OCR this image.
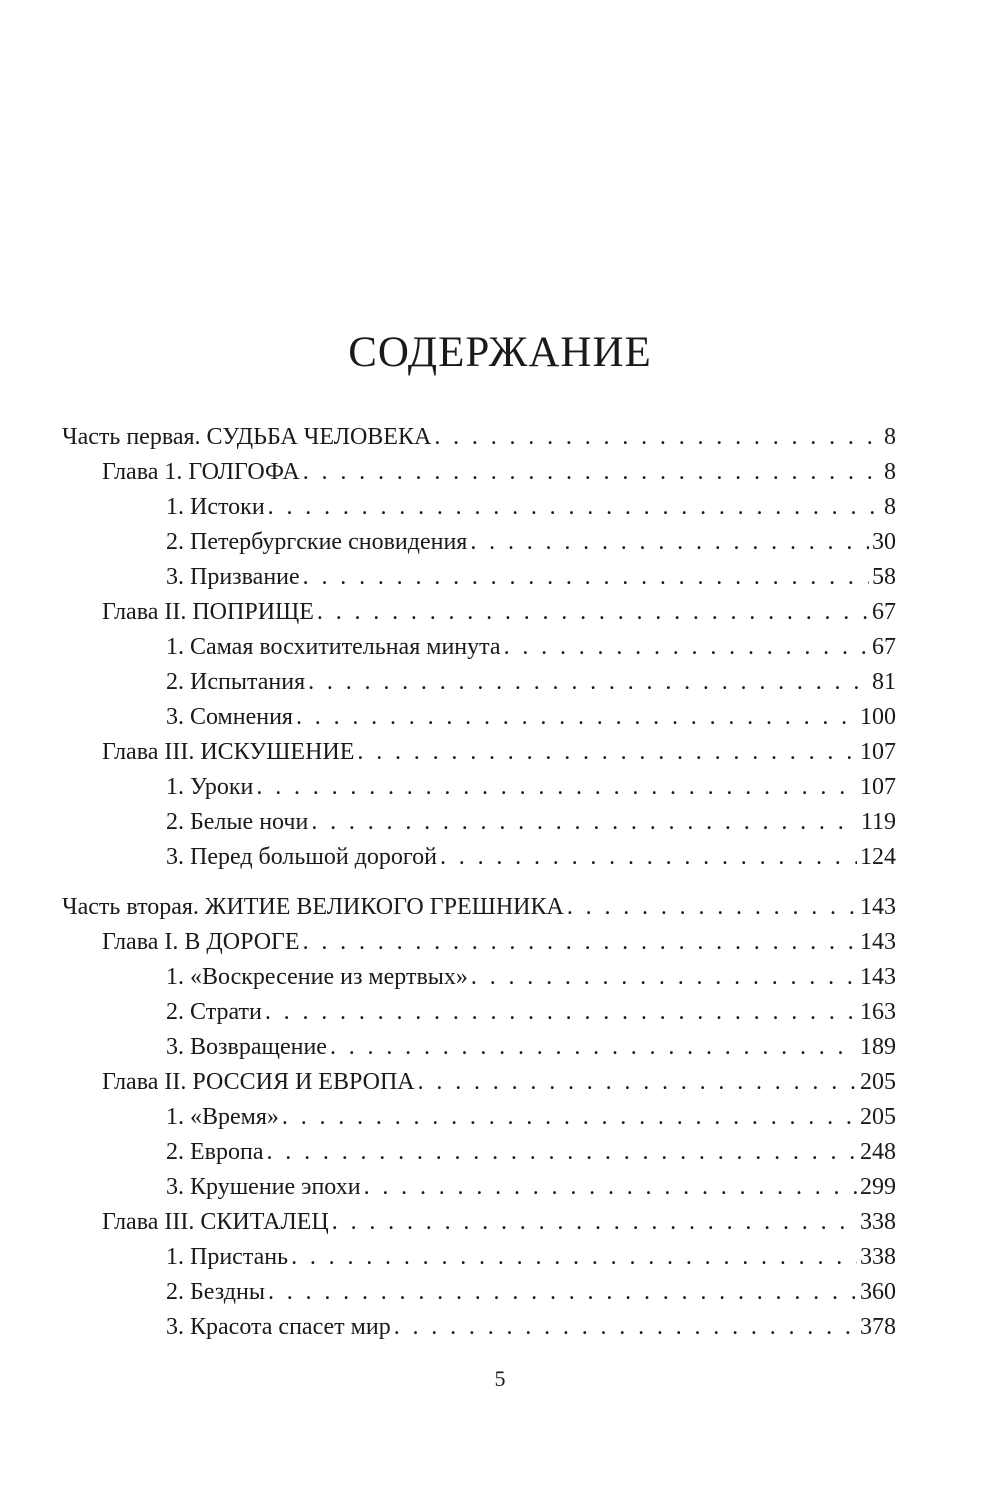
СОДЕРЖАНИЕ
Часть первая. СУДЬБА ЧЕЛОВЕКА . . .	8
Глава 1. ГОЛГОФА . . .	8
1. Истоки . . .	8
2. Петербургские сновидения . . .	30
3. Призвание . . .	58
Глава II. ПОПРИЩЕ . . .	67
1. Самая восхитительная минута . . .	67
2. Испытания . . .	81
3. Сомнения . . .	100
Глава III. ИСКУШЕНИЕ . . .	107
1. Уроки . . .	107
2. Белые ночи . . .	119
3. Перед большой дорогой . . .	124
Часть вторая. ЖИТИЕ ВЕЛИКОГО ГРЕШНИКА . . .	143
Глава I. В ДОРОГЕ . . .	143
1. «Воскресение из мертвых» . . .	143
2. Страти . . .	163
3. Возвращение . . .	189
Глава II. РОССИЯ И ЕВРОПА . . .	205
1. «Время» . . .	205
2. Европа . . .	248
3. Крушение эпохи . . .	299
Глава III. СКИТАЛЕЦ . . .	338
1. Пристань . . .	338
2. Бездны . . .	360
3. Красота спасет мир . . .	378
5
